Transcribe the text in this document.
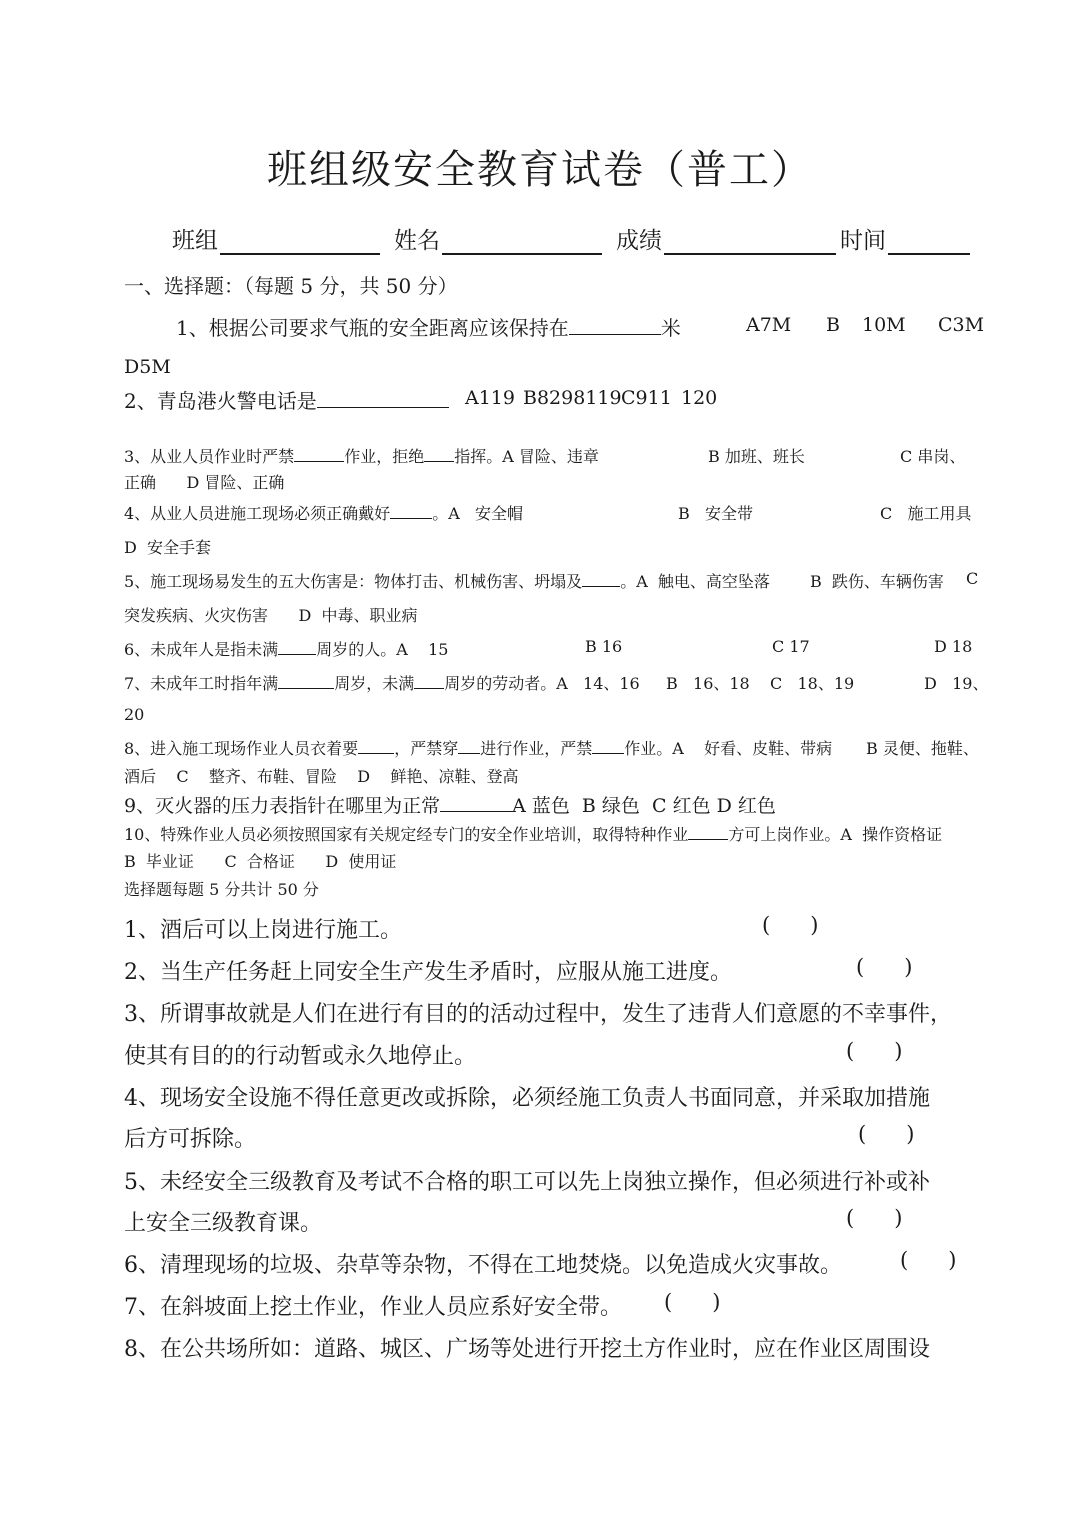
班组级安全教育试卷（普工）
班组	姓名	成绩	时间
一、选择题：（每题 5 分，共 50 分）
1、根据公司要求气瓶的安全距离应该保持在	米	A7M B 10M C3M
D5M
2、青岛港火警电话是	A119 B8298119 C911 120
3、从业人员作业时严禁	作业，拒绝 指挥。A 冒险、违章	B 加班、班长	C 串岗、
正确      D 冒险、正确
4、从业人员进施工现场必须正确戴好	。A   安全帽	B   安全带	C   施工用具
D  安全手套
5、施工现场易发生的五大伤害是：物体打击、机械伤害、坍塌及 。A  触电、高空坠落	B  跌伤、车辆伤害 C
突发疾病、火灾伤害      D  中毒、职业病
6、未成年人是指未满 周岁的人。A    15	B 16	C 17	D 18
7、未成年工时指年满	周岁，未满 周岁的劳动者。A   14、16 B   16、18 C   18、19	D   19、
20
8、进入施工现场作业人员衣着要 ，严禁穿 进行作业，严禁 作业。A    好看、皮鞋、带病 B 灵便、拖鞋、
酒后    C    整齐、布鞋、冒险    D    鲜艳、凉鞋、登高
9、灭火器的压力表指针在哪里为正常	A 蓝色  B 绿色  C 红色 D 红色
10、特殊作业人员必须按照国家有关规定经专门的安全作业培训，取得特种作业	方可上岗作业。A  操作资格证
B  毕业证      C  合格证      D  使用证
选择题每题 5 分共计 50 分
1、酒后可以上岗进行施工。	(      )
2、当生产任务赶上同安全生产发生矛盾时，应服从施工进度。	(      )
3、所谓事故就是人们在进行有目的的活动过程中，发生了违背人们意愿的不幸事件，
使其有目的的行动暂或永久地停止。	(      )
4、现场安全设施不得任意更改或拆除，必须经施工负责人书面同意，并采取加措施
后方可拆除。	(      )
5、未经安全三级教育及考试不合格的职工可以先上岗独立操作，但必须进行补或补
上安全三级教育课。	(      )
6、清理现场的垃圾、杂草等杂物，不得在工地焚烧。以免造成火灾事故。	(      )
7、在斜坡面上挖土作业，作业人员应系好安全带。 (      )
8、在公共场所如：道路、城区、广场等处进行开挖土方作业时，应在作业区周围设
